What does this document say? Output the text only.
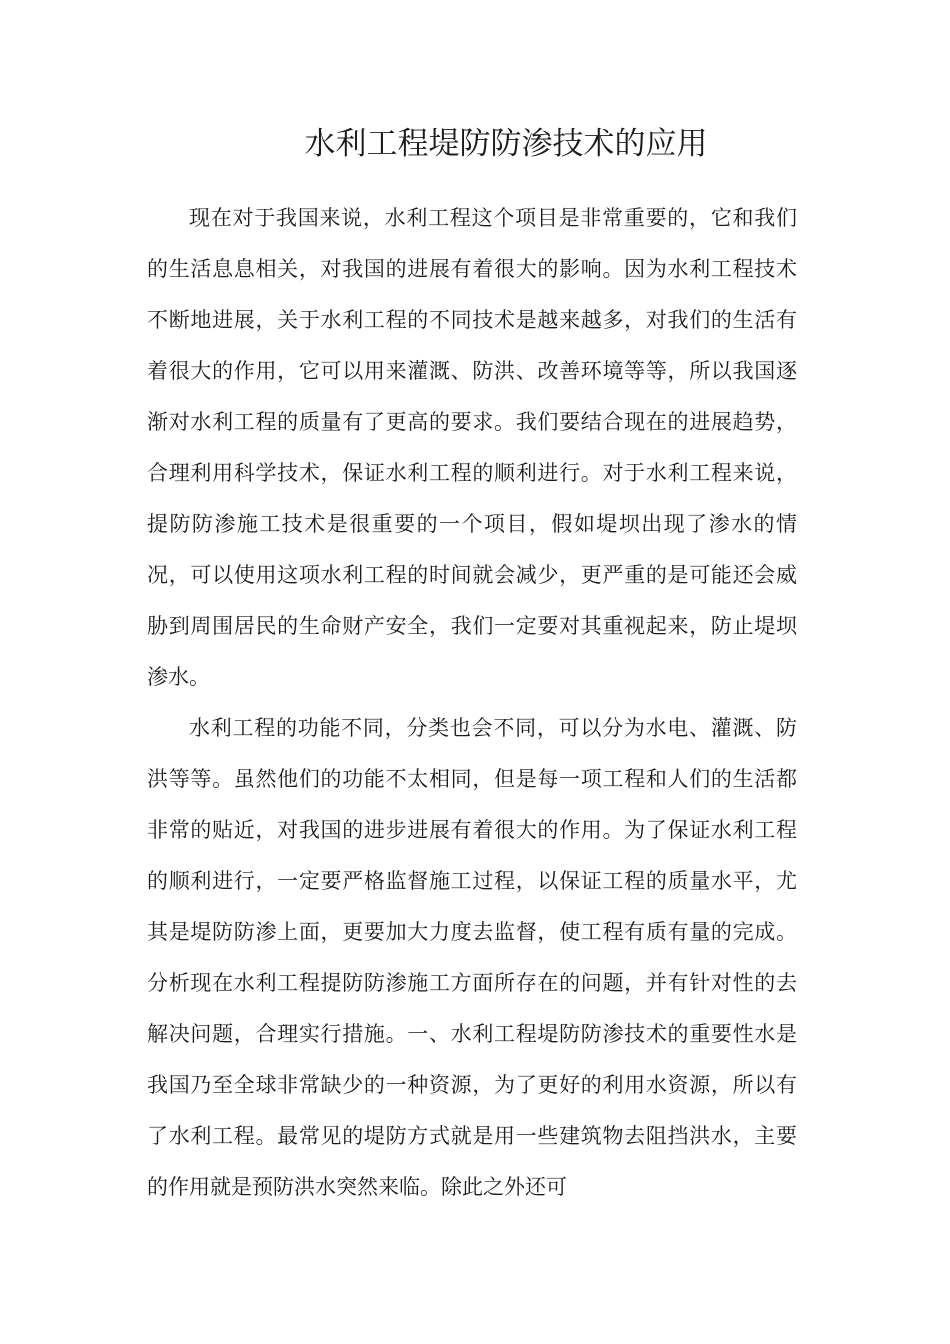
水利工程堤防防渗技术的应用

现在对于我国来说，水利工程这个项目是非常重要的，它和我们的生活息息相关，对我国的进展有着很大的影响。因为水利工程技术不断地进展，关于水利工程的不同技术是越来越多，对我们的生活有着很大的作用，它可以用来灌溉、防洪、改善环境等等，所以我国逐渐对水利工程的质量有了更高的要求。我们要结合现在的进展趋势，合理利用科学技术，保证水利工程的顺利进行。对于水利工程来说，提防防渗施工技术是很重要的一个项目，假如堤坝出现了渗水的情况，可以使用这项水利工程的时间就会减少，更严重的是可能还会威胁到周围居民的生命财产安全，我们一定要对其重视起来，防止堤坝渗水。

水利工程的功能不同，分类也会不同，可以分为水电、灌溉、防洪等等。虽然他们的功能不太相同，但是每一项工程和人们的生活都非常的贴近，对我国的进步进展有着很大的作用。为了保证水利工程的顺利进行，一定要严格监督施工过程，以保证工程的质量水平，尤其是堤防防渗上面，更要加大力度去监督，使工程有质有量的完成。分析现在水利工程提防防渗施工方面所存在的问题，并有针对性的去解决问题，合理实行措施。一、水利工程堤防防渗技术的重要性水是我国乃至全球非常缺少的一种资源，为了更好的利用水资源，所以有了水利工程。最常见的堤防方式就是用一些建筑物去阻挡洪水，主要的作用就是预防洪水突然来临。除此之外还可
